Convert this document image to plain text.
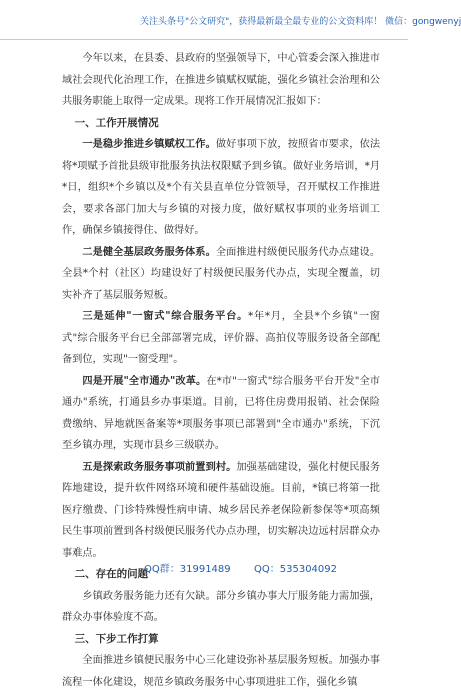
关注头条号"公文研究"，获得最新最全最专业的公文资料库！ 微信：gongwenyj

今年以来，在县委、县政府的坚强领导下，中心管委会深入推进市域社会现代化治理工作，在推进乡镇赋权赋能，强化乡镇社会治理和公共服务职能上取得一定成果。现将工作开展情况汇报如下：

一、工作开展情况

一是稳步推进乡镇赋权工作。做好事项下放，按照省市要求，依法将*项赋予首批县级审批服务执法权限赋予到乡镇。做好业务培训，*月*日，组织*个乡镇以及*个有关县直单位分管领导，召开赋权工作推进会，要求各部门加大与乡镇的对接力度，做好赋权事项的业务培训工作，确保乡镇接得住、做得好。

二是健全基层政务服务体系。全面推进村级便民服务代办点建设。全县*个村（社区）均建设好了村级便民服务代办点，实现全覆盖，切实补齐了基层服务短板。

三是延伸"一窗式"综合服务平台。*年*月，全县*个乡镇"一窗式"综合服务平台已全部部署完成，评价器、高拍仪等服务设备全部配备到位，实现"一窗受理"。

四是开展"全市通办"改革。在*市"一窗式"综合服务平台开发"全市通办"系统，打通县乡办事渠道。目前，已将住房费用报销、社会保险费缴纳、异地就医备案等*项服务事项已部署到"全市通办"系统，下沉至乡镇办理，实现市县乡三级联办。

五是探索政务服务事项前置到村。加强基础建设，强化村便民服务阵地建设，提升软件网络环境和硬件基础设施。目前，*镇已将第一批医疗缴费、门诊特殊慢性病申请、城乡居民养老保险新参保等*项高频民生事项前置到各村级便民服务代办点办理，切实解决边远村居群众办事难点。

二、存在的问题

乡镇政务服务能力还有欠缺。部分乡镇办事大厅服务能力需加强，群众办事体验度不高。

三、下步工作打算

全面推进乡镇便民服务中心三化建设弥补基层服务短板。加强办事流程一体化建设，规范乡镇政务服务中心事项进驻工作，强化乡镇

QQ群：31991489 QQ：535304092
